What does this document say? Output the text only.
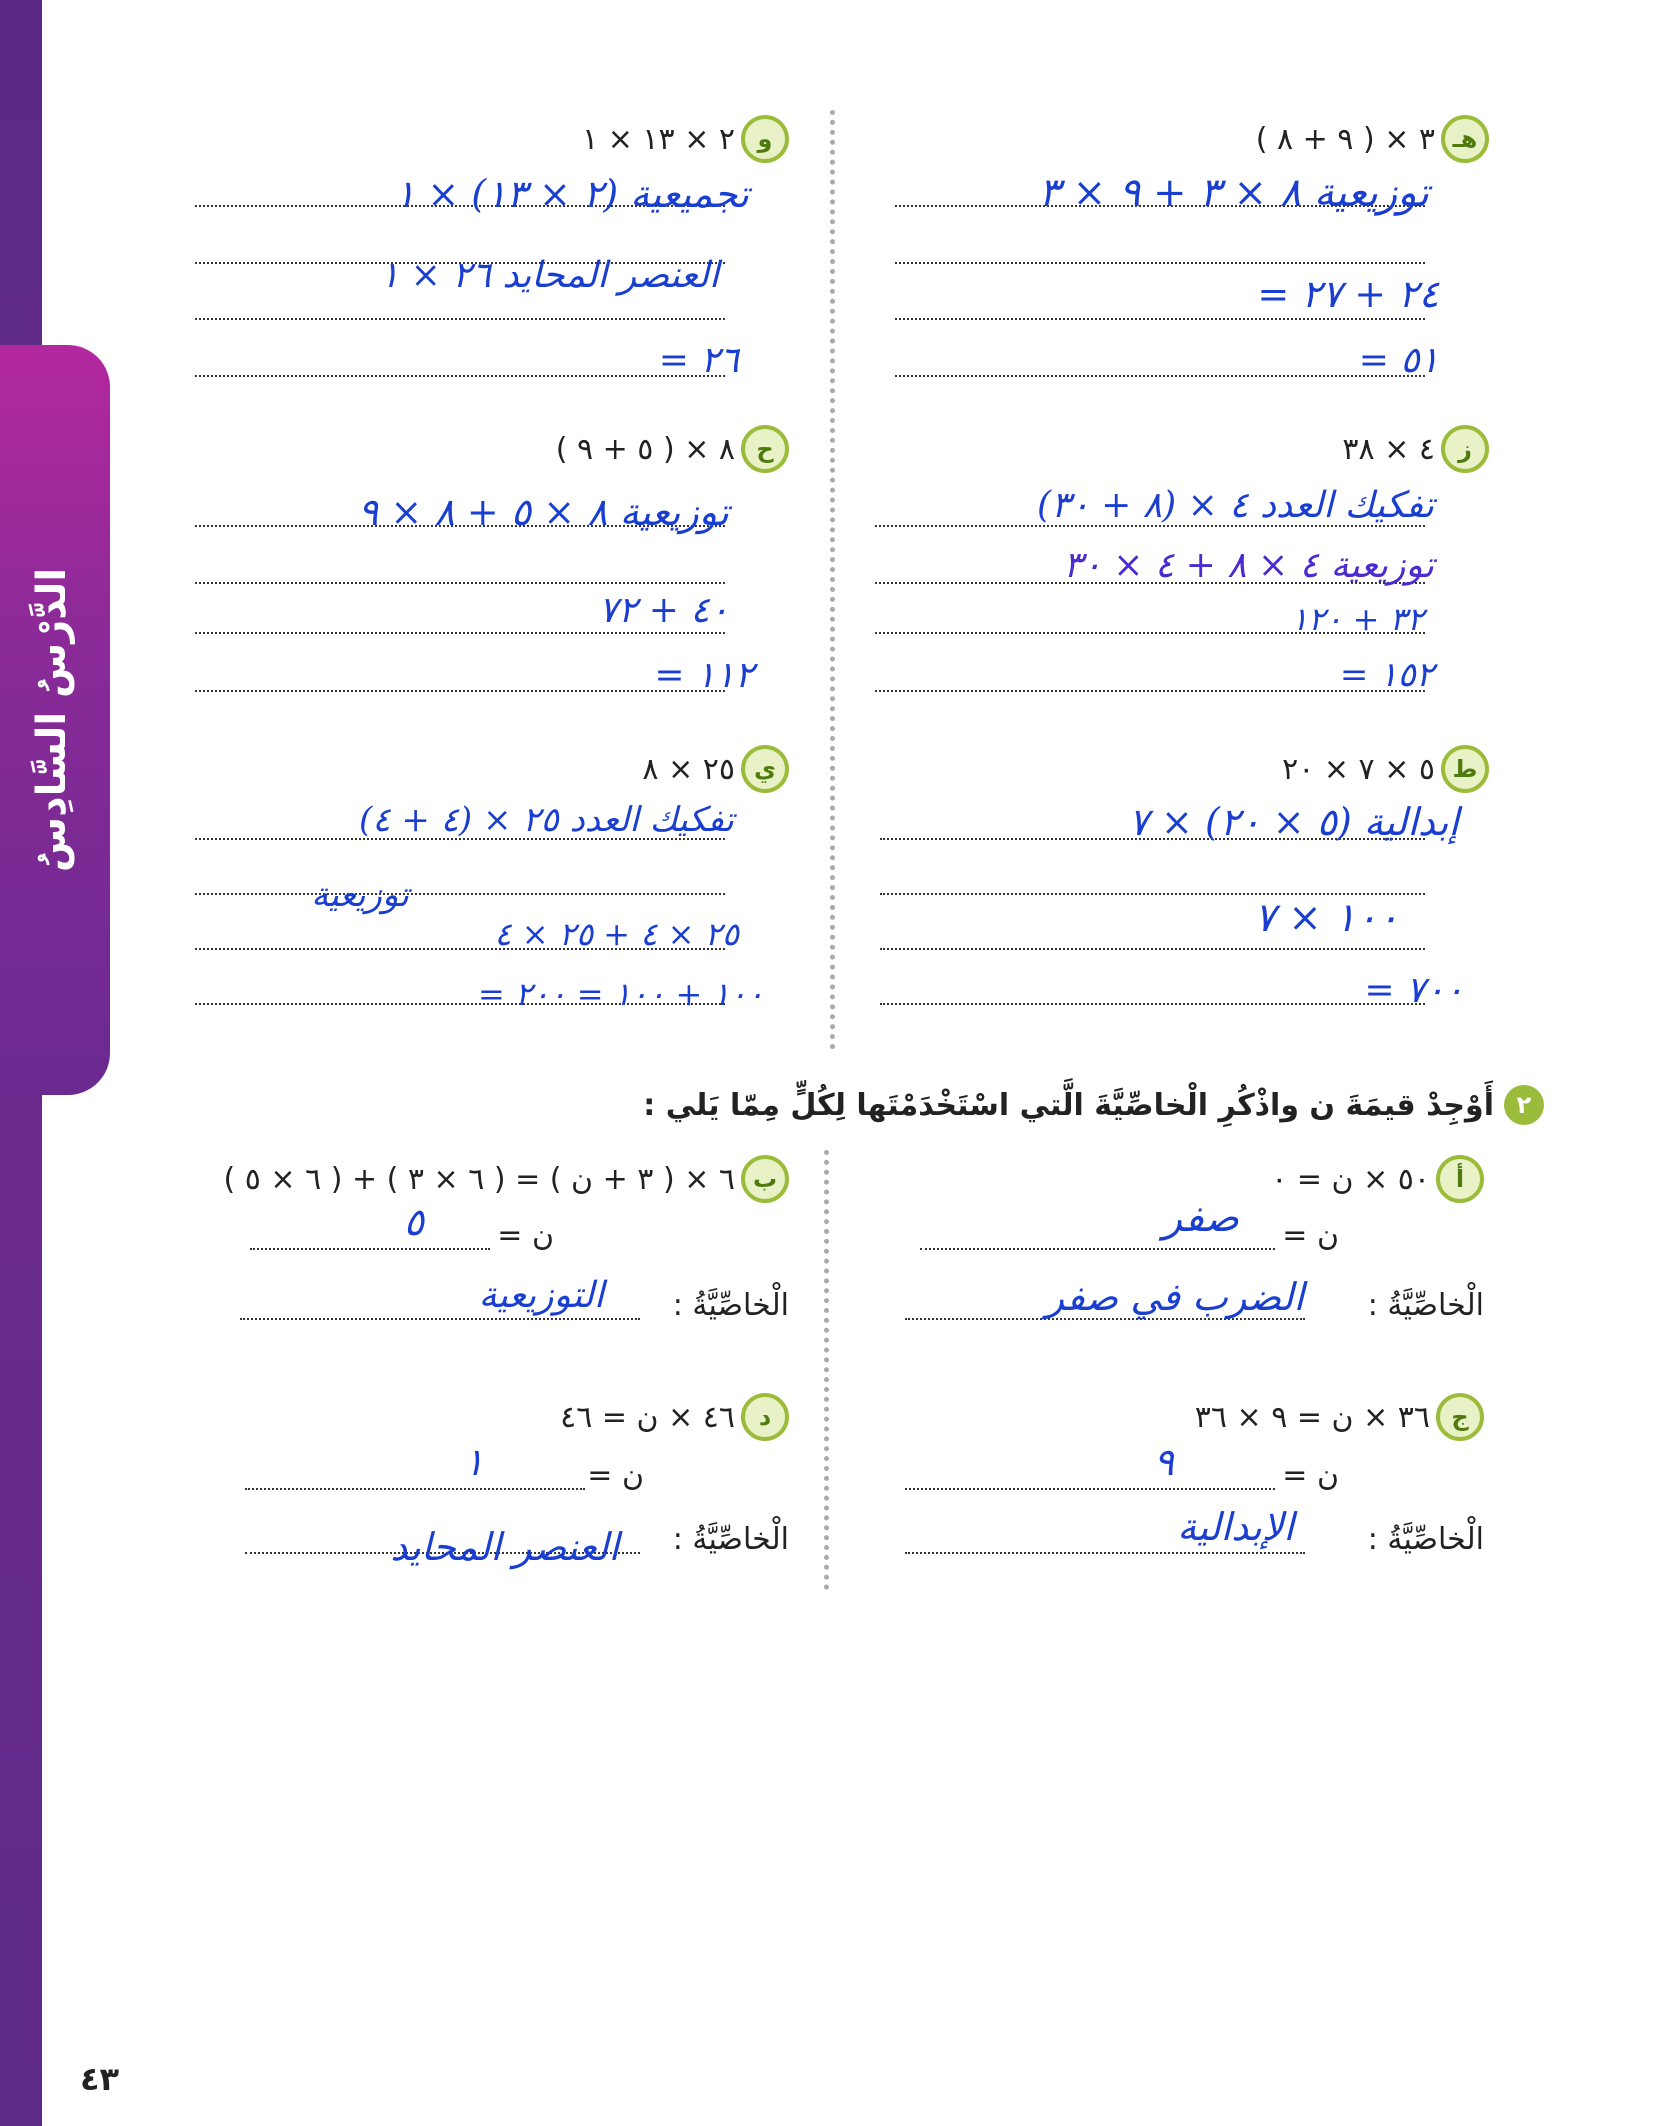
الدَّرْسُ السَّادِسُ
٤٣
هـ
٣ × ( ٩ + ٨ )
توزيعية ٨ × ٣ + ٩ × ٣
٢٤ + ٢٧ =
٥١ =
و
٢ × ١٣ × ١
تجميعية (٢ × ١٣) × ١
العنصر المحايد ٢٦ × ١
٢٦ =
ز
٤ × ٣٨
تفكيك العدد ٤ × (٨ + ٣٠)
توزيعية ٤ × ٨ + ٤ × ٣٠
٣٢ + ١٢٠
١٥٢ =
ح
٨ × ( ٥ + ٩ )
توزيعية ٨ × ٥ + ٨ × ٩
٤٠ + ٧٢
١١٢ =
ط
٥ × ٧ × ٢٠
إبدالية (٥ × ٢٠) × ٧
١٠٠ × ٧
٧٠٠ =
ي
٢٥ × ٨
تفكيك العدد ٢٥ × (٤ + ٤)
توزيعية
٢٥ × ٤ + ٢٥ × ٤
١٠٠ + ١٠٠ = ٢٠٠ =
٢
أَوْجِدْ قيمَةَ ن واذْكُرِ الْخاصِّيَّةَ الَّتي اسْتَخْدَمْتَها لِكُلٍّ مِمّا يَلي :
أ
٥٠ × ن = ٠
ن =
صفر
الْخاصِّيَّةُ :
الضرب في صفر
ب
٦ × ( ٣ + ن ) = ( ٦ × ٣ ) + ( ٦ × ٥ )
ن =
٥
الْخاصِّيَّةُ :
التوزيعية
ج
٣٦ × ن = ٩ × ٣٦
ن =
٩
الْخاصِّيَّةُ :
الإبدالية
د
٤٦ × ن = ٤٦
ن =
١
الْخاصِّيَّةُ :
العنصر المحايد
